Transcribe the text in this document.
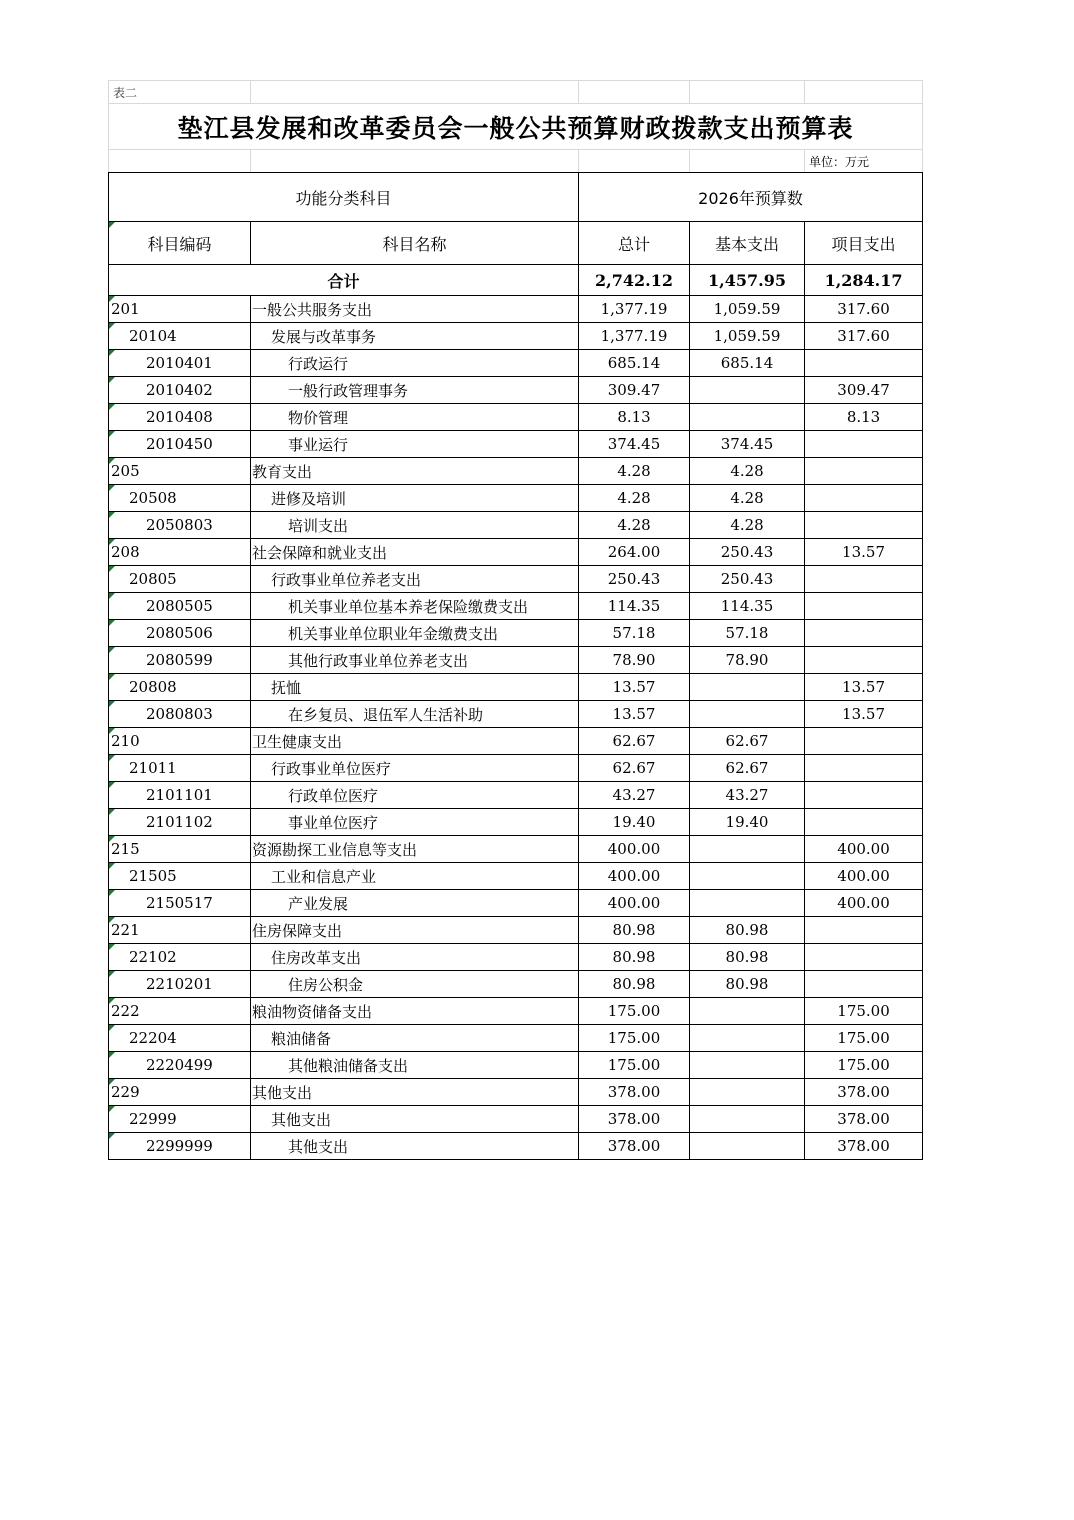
表二				
垫江县发展和改革委员会一般公共预算财政拨款支出预算表				
				单位：万元
功能分类科目		2026年预算数		
科目编码	科目名称	总计	基本支出	项目支出
合计		2,742.12	1,457.95	1,284.17
201	一般公共服务支出	1,377.19	1,059.59	317.60
20104	发展与改革事务	1,377.19	1,059.59	317.60
2010401	行政运行	685.14	685.14	
2010402	一般行政管理事务	309.47		309.47
2010408	物价管理	8.13		8.13
2010450	事业运行	374.45	374.45	
205	教育支出	4.28	4.28	
20508	进修及培训	4.28	4.28	
2050803	培训支出	4.28	4.28	
208	社会保障和就业支出	264.00	250.43	13.57
20805	行政事业单位养老支出	250.43	250.43	
2080505	机关事业单位基本养老保险缴费支出	114.35	114.35	
2080506	机关事业单位职业年金缴费支出	57.18	57.18	
2080599	其他行政事业单位养老支出	78.90	78.90	
20808	抚恤	13.57		13.57
2080803	在乡复员、退伍军人生活补助	13.57		13.57
210	卫生健康支出	62.67	62.67	
21011	行政事业单位医疗	62.67	62.67	
2101101	行政单位医疗	43.27	43.27	
2101102	事业单位医疗	19.40	19.40	
215	资源勘探工业信息等支出	400.00		400.00
21505	工业和信息产业	400.00		400.00
2150517	产业发展	400.00		400.00
221	住房保障支出	80.98	80.98	
22102	住房改革支出	80.98	80.98	
2210201	住房公积金	80.98	80.98	
222	粮油物资储备支出	175.00		175.00
22204	粮油储备	175.00		175.00
2220499	其他粮油储备支出	175.00		175.00
229	其他支出	378.00		378.00
22999	其他支出	378.00		378.00
2299999	其他支出	378.00		378.00
